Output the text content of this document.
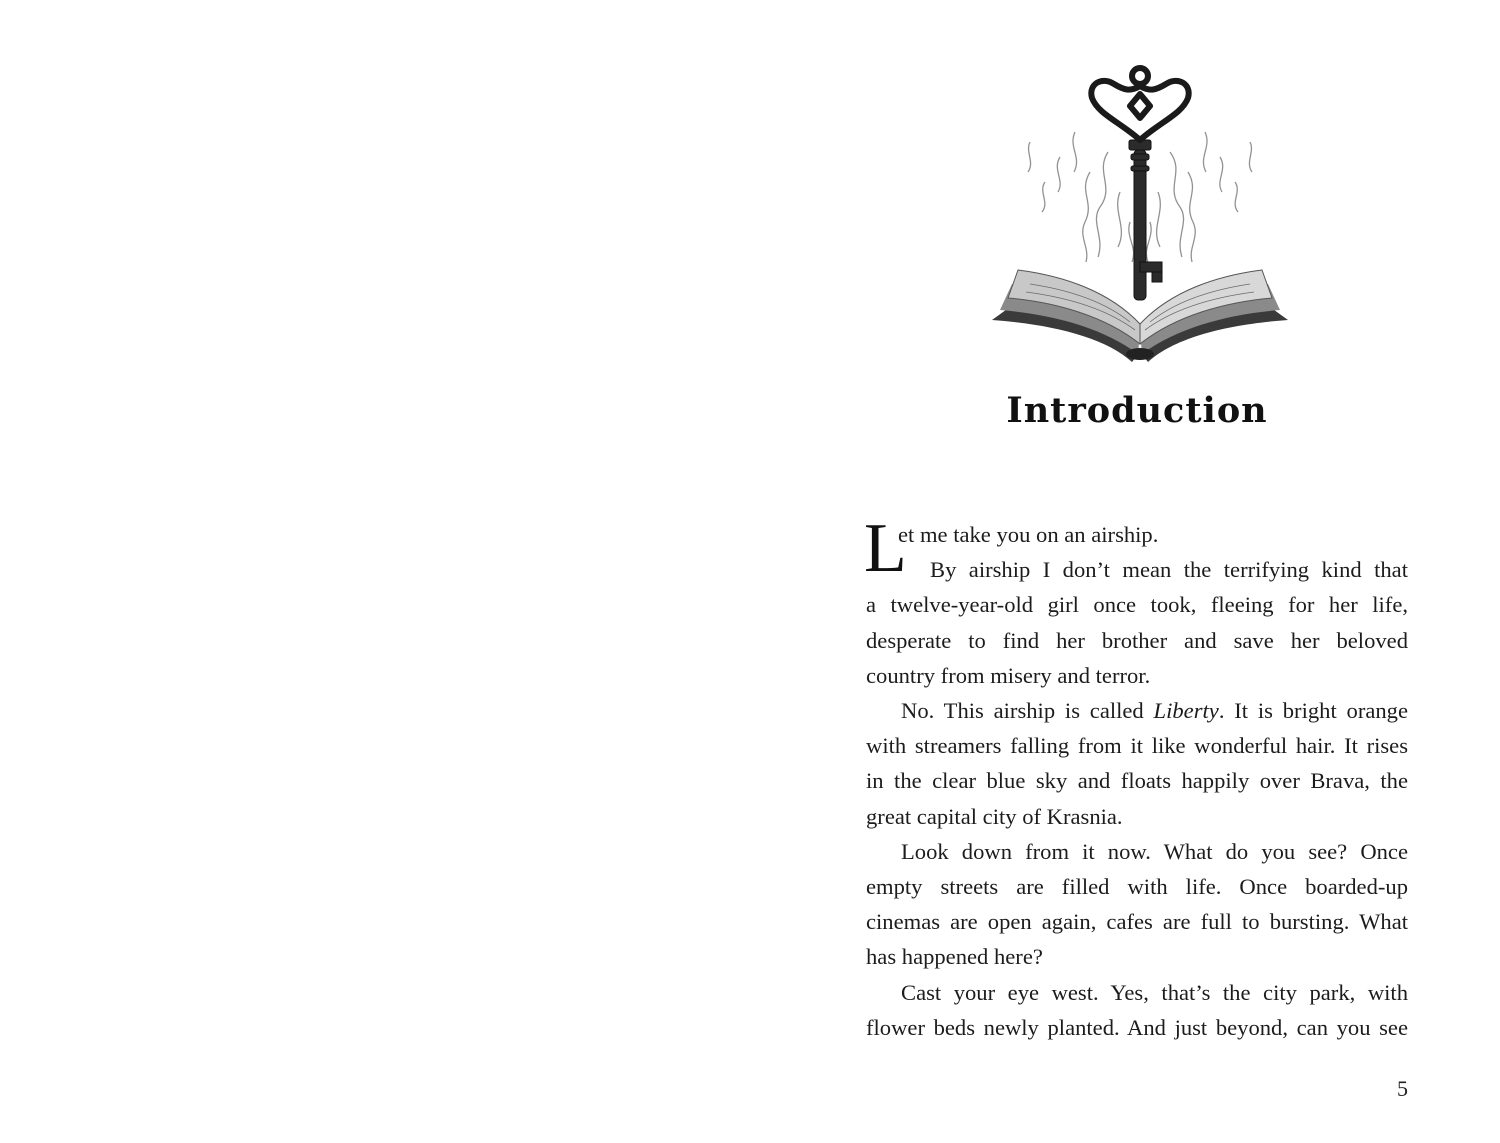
Introduction
L
et me take you on an airship.
By airship I don’t mean the terrifying kind that
a twelve-year-old girl once took, fleeing for her life,
desperate to find her brother and save her beloved
country from misery and terror.
No. This airship is called Liberty. It is bright orange
with streamers falling from it like wonderful hair. It rises
in the clear blue sky and floats happily over Brava, the
great capital city of Krasnia.
Look down from it now. What do you see? Once
empty streets are filled with life. Once boarded-up
cinemas are open again, cafes are full to bursting. What
has happened here?
Cast your eye west. Yes, that’s the city park, with
flower beds newly planted. And just beyond, can you see
5
